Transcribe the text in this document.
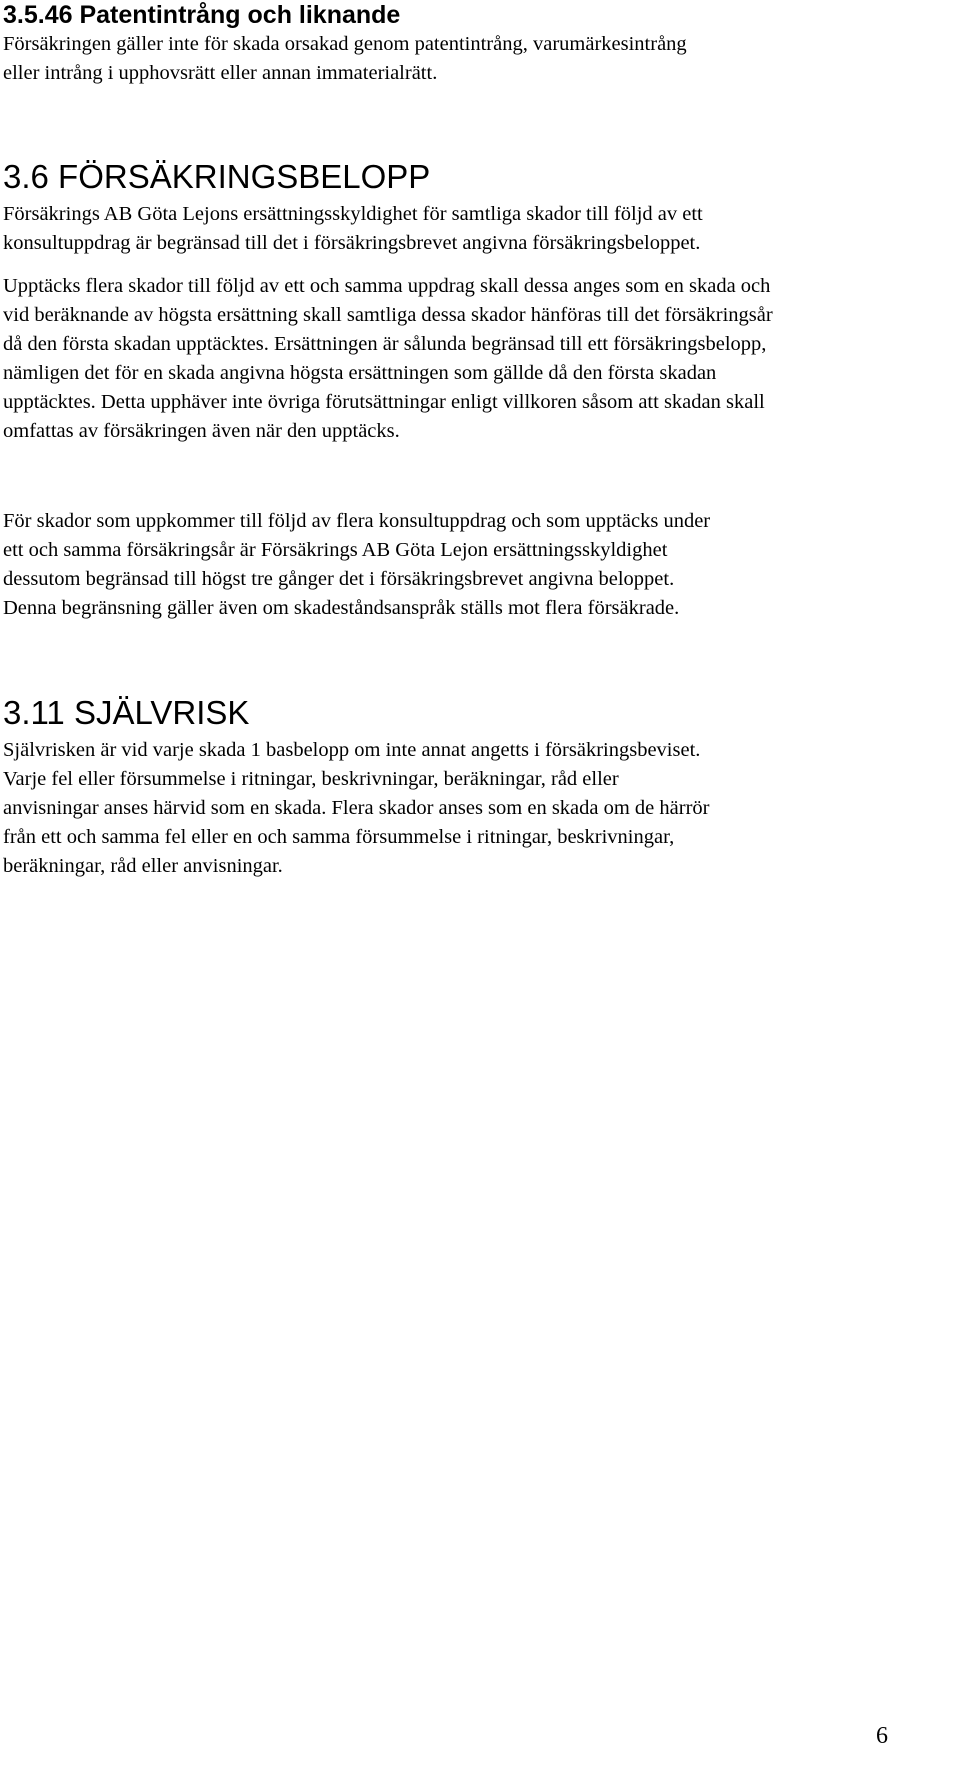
3.5.46 Patentintrång och liknande

Försäkringen gäller inte för skada orsakad genom patentintrång, varumärkesintrång
eller intrång i upphovsrätt eller annan immaterialrätt.

3.6 FÖRSÄKRINGSBELOPP

Försäkrings AB Göta Lejons ersättningsskyldighet för samtliga skador till följd av ett
konsultuppdrag är begränsad till det i försäkringsbrevet angivna försäkringsbeloppet.

Upptäcks flera skador till följd av ett och samma uppdrag skall dessa anges som en skada och
vid beräknande av högsta ersättning skall samtliga dessa skador hänföras till det försäkringsår
då den första skadan upptäcktes. Ersättningen är sålunda begränsad till ett försäkringsbelopp,
nämligen det för en skada angivna högsta ersättningen som gällde då den första skadan
upptäcktes. Detta upphäver inte övriga förutsättningar enligt villkoren såsom att skadan skall
omfattas av försäkringen även när den upptäcks.

För skador som uppkommer till följd av flera konsultuppdrag och som upptäcks under
ett och samma försäkringsår är Försäkrings AB Göta Lejon ersättningsskyldighet
dessutom begränsad till högst tre gånger det i försäkringsbrevet angivna beloppet.
Denna begränsning gäller även om skadeståndsanspråk ställs mot flera försäkrade.

3.11 SJÄLVRISK

Självrisken är vid varje skada 1 basbelopp om inte annat angetts i försäkringsbeviset.
Varje fel eller försummelse i ritningar, beskrivningar, beräkningar, råd eller
anvisningar anses härvid som en skada. Flera skador anses som en skada om de härrör
från ett och samma fel eller en och samma försummelse i ritningar, beskrivningar,
beräkningar, råd eller anvisningar.

6
